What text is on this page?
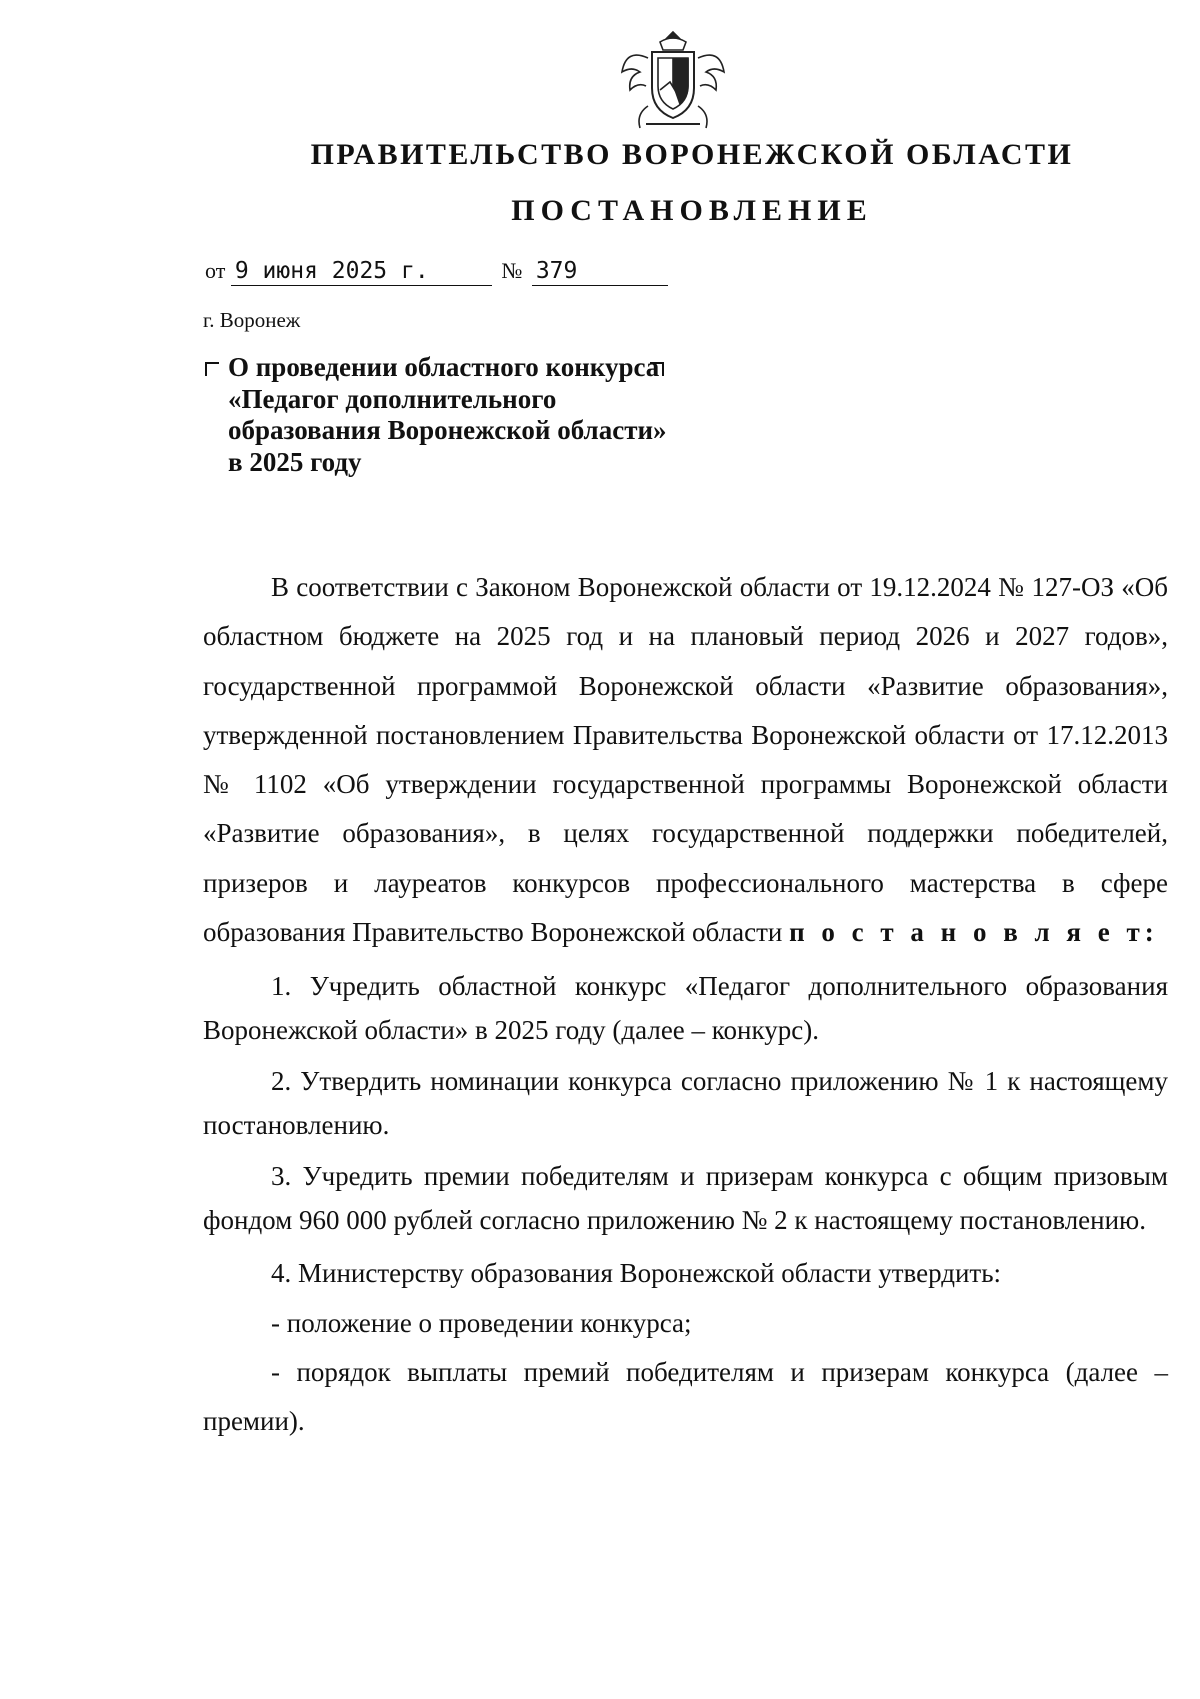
ПРАВИТЕЛЬСТВО ВОРОНЕЖСКОЙ ОБЛАСТИ
ПОСТАНОВЛЕНИЕ
от 9 июня 2025 г.	№ 379
г. Воронеж
О проведении областного конкурса «Педагог дополнительного образования Воронежской области» в 2025 году

В соответствии с Законом Воронежской области от 19.12.2024 № 127-ОЗ «Об областном бюджете на 2025 год и на плановый период 2026 и 2027 годов», государственной программой Воронежской области «Развитие образования», утвержденной постановлением Правительства Воронежской области от 17.12.2013 № 1102 «Об утверждении государственной программы Воронежской области «Развитие образования», в целях государственной поддержки победителей, призеров и лауреатов конкурсов профессионального мастерства в сфере образования Правительство Воронежской области п о с т а н о в л я е т:

1. Учредить областной конкурс «Педагог дополнительного образования Воронежской области» в 2025 году (далее – конкурс).

2. Утвердить номинации конкурса согласно приложению № 1 к настоящему постановлению.

3. Учредить премии победителям и призерам конкурса с общим призовым фондом 960 000 рублей согласно приложению № 2 к настоящему постановлению.

4. Министерству образования Воронежской области утвердить:

- положение о проведении конкурса;

- порядок выплаты премий победителям и призерам конкурса (далее – премии).
